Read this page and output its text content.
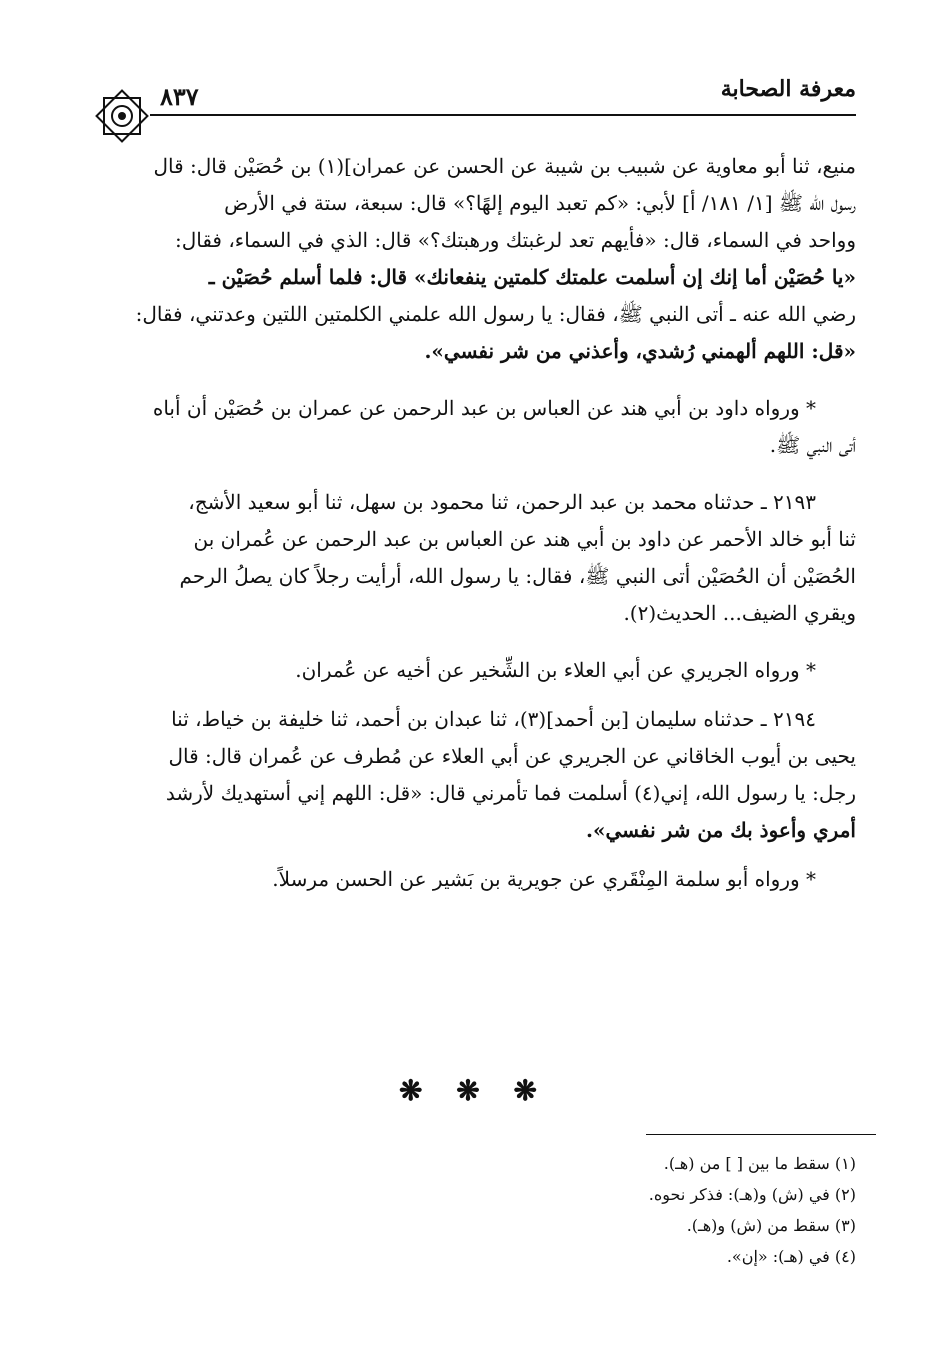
معرفة الصحابة
٨٣٧

منيع، ثنا أبو معاوية عن شبيب بن شيبة عن الحسن عن عمران](١) بن حُصَيْن قال: قال

رسول الله ﷺ [١/ ١٨١/ أ] لأبي: «كم تعبد اليوم إلهًا؟» قال: سبعة، ستة في الأرض

وواحد في السماء، قال: «فأيهم تعد لرغبتك ورهبتك؟» قال: الذي في السماء، فقال:

«يا حُصَيْن أما إنك إن أسلمت علمتك كلمتين ينفعانك» قال: فلما أسلم حُصَيْن ـ

رضي الله عنه ـ أتى النبي ﷺ، فقال: يا رسول الله علمني الكلمتين اللتين وعدتني، فقال:

«قل: اللهم ألهمني رُشدي، وأعذني من شر نفسي».

* ورواه داود بن أبي هند عن العباس بن عبد الرحمن عن عمران بن حُصَيْن أن أباه

أتى النبي ﷺ.

٢١٩٣ ـ حدثناه محمد بن عبد الرحمن، ثنا محمود بن سهل، ثنا أبو سعيد الأشج،

ثنا أبو خالد الأحمر عن داود بن أبي هند عن العباس بن عبد الرحمن عن عُمران بن

الحُصَيْن أن الحُصَيْن أتى النبي ﷺ، فقال: يا رسول الله، أرأيت رجلاً كان يصلُ الرحم

ويقري الضيف... الحديث(٢).

* ورواه الجريري عن أبي العلاء بن الشِّخير عن أخيه عن عُمران.

٢١٩٤ ـ حدثناه سليمان [بن أحمد](٣)، ثنا عبدان بن أحمد، ثنا خليفة بن خياط، ثنا

يحيى بن أيوب الخاقاني عن الجريري عن أبي العلاء عن مُطرف عن عُمران قال: قال

رجل: يا رسول الله، إني(٤) أسلمت فما تأمرني قال: «قل: اللهم إني أستهديك لأرشد

أمري وأعوذ بك من شر نفسي».

* ورواه أبو سلمة المِنْقَري عن جويرية بن بَشير عن الحسن مرسلاً.

❋ ❋ ❋
(١) سقط ما بين [ ] من (هـ).
(٢) في (ش) و(هـ): فذكر نحوه.
(٣) سقط من (ش) و(هـ).
(٤) في (هـ): «إن».
